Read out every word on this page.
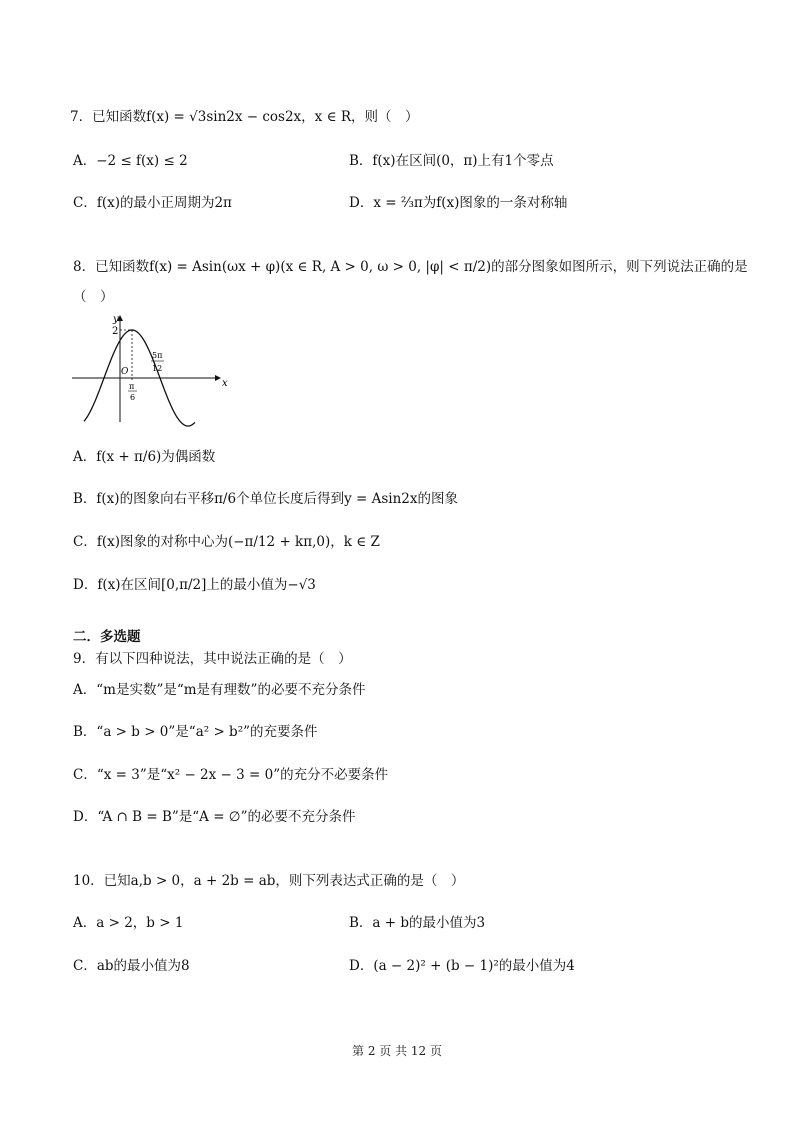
7．已知函数f(x) = √3sin2x − cos2x，x ∈ R，则（　）
A．−2 ≤ f(x) ≤ 2	B．f(x)在区间(0，π)上有1个零点
C．f(x)的最小正周期为2π	D．x = ⅔π为f(x)图象的一条对称轴
8．已知函数f(x) = Asin(ωx + φ)(x ∈ R, A > 0, ω > 0, |φ| < π/2)的部分图象如图所示，则下列说法正确的是
（　）
y
x
2
O
π
6
5π
12
A．f(x + π/6)为偶函数
B．f(x)的图象向右平移π/6个单位长度后得到y = Asin2x的图象
C．f(x)图象的对称中心为(−π/12 + kπ,0)，k ∈ Z
D．f(x)在区间[0,π/2]上的最小值为−√3
二．多选题
9．有以下四种说法，其中说法正确的是（　）
A．“m是实数”是“m是有理数”的必要不充分条件
B．“a > b > 0”是“a² > b²”的充要条件
C．“x = 3”是“x² − 2x − 3 = 0”的充分不必要条件
D．“A ∩ B = B”是“A = ∅”的必要不充分条件
10．已知a,b > 0，a + 2b = ab，则下列表达式正确的是（　）
A．a > 2，b > 1	B．a + b的最小值为3
C．ab的最小值为8	D．(a − 2)² + (b − 1)²的最小值为4
第 2 页 共 12 页
